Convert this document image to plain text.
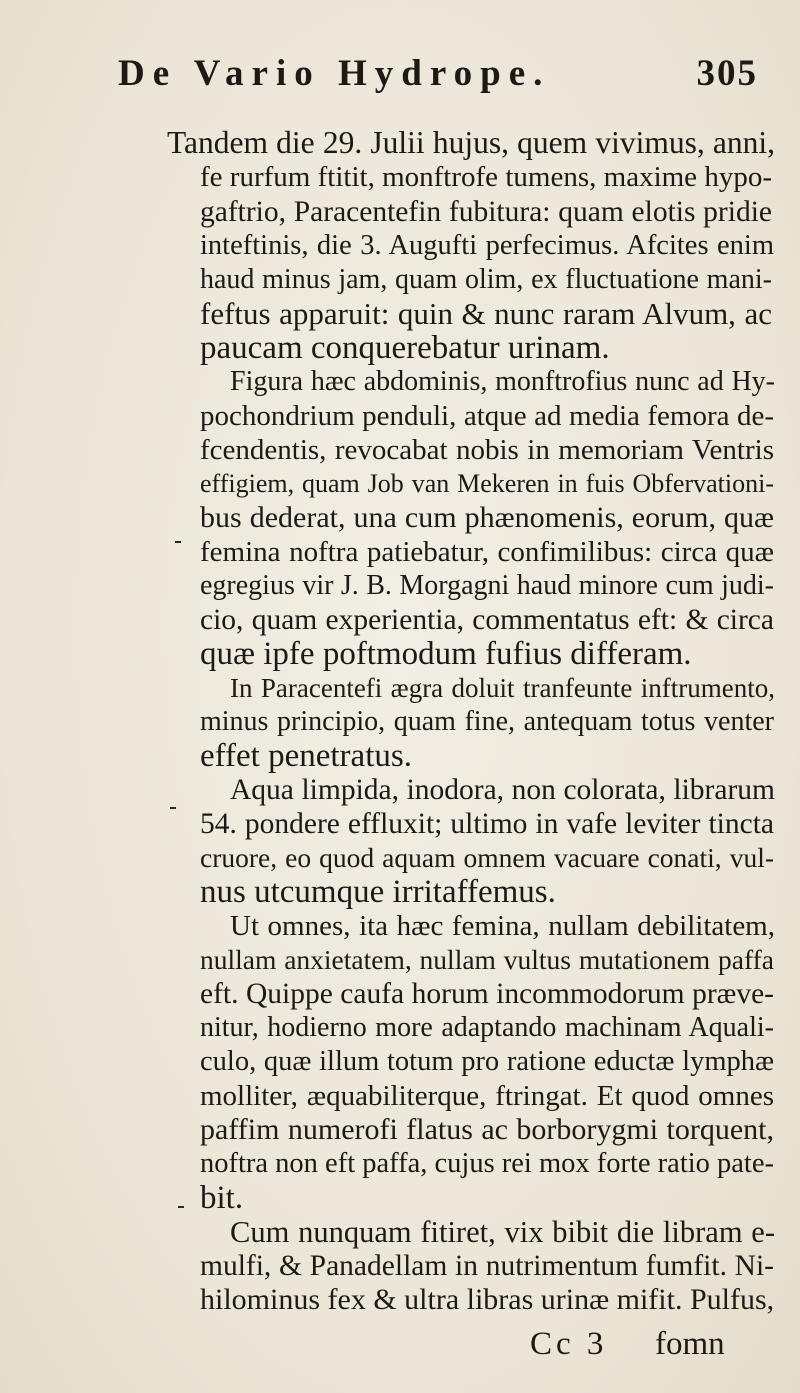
De Vario Hydrope.	305
Tandem die 29. Julii hujus, quem vivimus, anni,
fe rurfum ftitit, monftrofe tumens, maxime hypo-
gaftrio, Paracentefin fubitura: quam elotis pridie
inteftinis, die 3. Augufti perfecimus. Afcites enim
haud minus jam, quam olim, ex fluctuatione mani-
feftus apparuit: quin & nunc raram Alvum, ac
paucam conquerebatur urinam.
Figura hæc abdominis, monftrofius nunc ad Hy-
pochondrium penduli, atque ad media femora de-
fcendentis, revocabat nobis in memoriam Ventris
effigiem, quam Job van Mekeren in fuis Obfervationi-
bus dederat, una cum phænomenis, eorum, quæ
femina noftra patiebatur, confimilibus: circa quæ
egregius vir J. B. Morgagni haud minore cum judi-
cio, quam experientia, commentatus eft: & circa
quæ ipfe poftmodum fufius differam.
In Paracentefi ægra doluit tranfeunte inftrumento,
minus principio, quam fine, antequam totus venter
effet penetratus.
Aqua limpida, inodora, non colorata, librarum
54. pondere effluxit; ultimo in vafe leviter tincta
cruore, eo quod aquam omnem vacuare conati, vul-
nus utcumque irritaffemus.
Ut omnes, ita hæc femina, nullam debilitatem,
nullam anxietatem, nullam vultus mutationem paffa
eft. Quippe caufa horum incommodorum præve-
nitur, hodierno more adaptando machinam Aquali-
culo, quæ illum totum pro ratione eductæ lymphæ
molliter, æquabiliterque, ftringat. Et quod omnes
paffim numerofi flatus ac borborygmi torquent,
noftra non eft paffa, cujus rei mox forte ratio pate-
bit.
Cum nunquam fitiret, vix bibit die libram e-
mulfi, & Panadellam in nutrimentum fumfit. Ni-
hilominus fex & ultra libras urinæ mifit. Pulfus,
Cc 3 fomn
